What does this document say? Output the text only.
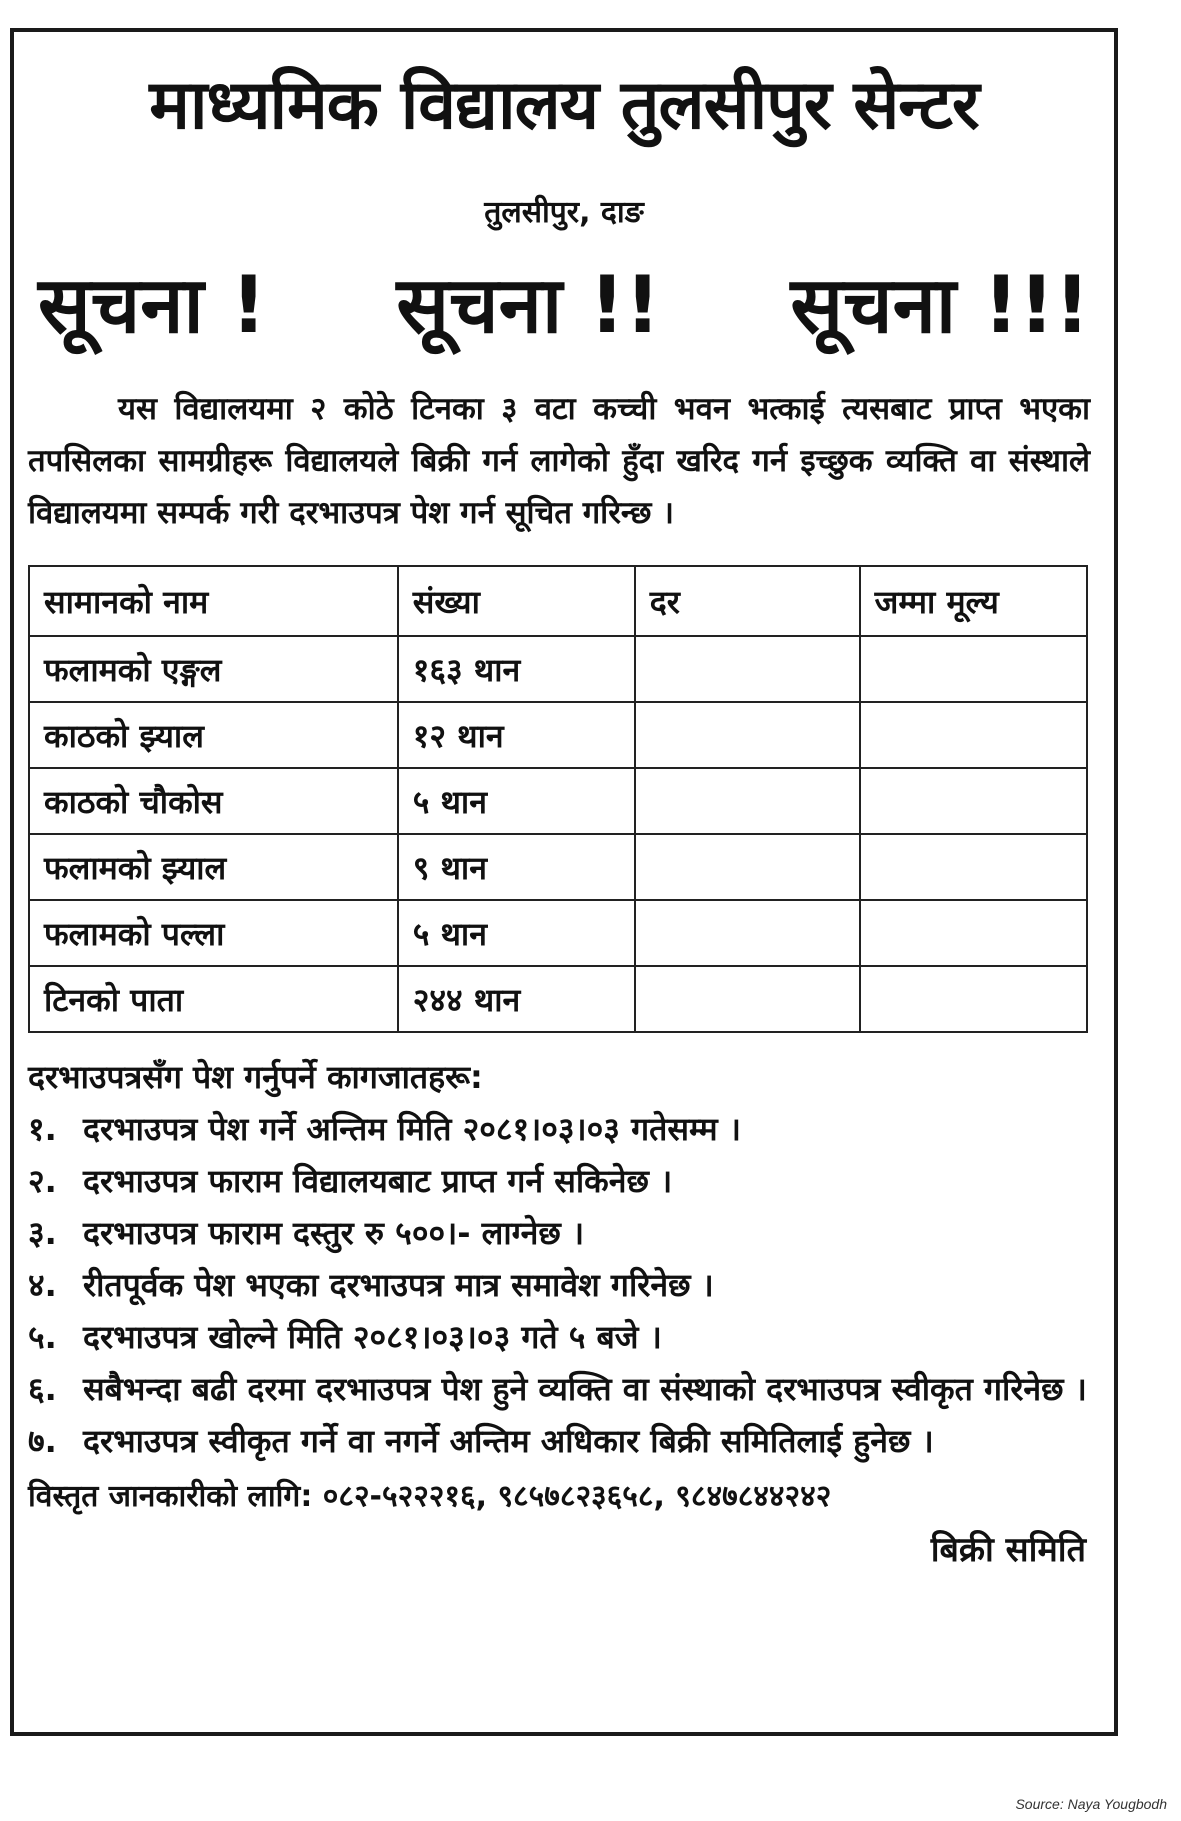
माध्यमिक विद्यालय तुलसीपुर सेन्टर
तुलसीपुर, दाङ
सूचना ! सूचना !! सूचना !!!
यस विद्यालयमा २ कोठे टिनका ३ वटा कच्ची भवन भत्काई त्यसबाट प्राप्त भएका तपसिलका सामग्रीहरू विद्यालयले बिक्री गर्न लागेको हुँदा खरिद गर्न इच्छुक व्यक्ति वा संस्थाले विद्यालयमा सम्पर्क गरी दरभाउपत्र पेश गर्न सूचित गरिन्छ ।
सामानको नाम	संख्या	दर	जम्मा मूल्य
फलामको एङ्गल	१६३ थान		
काठको झ्याल	१२ थान		
काठको चौकोस	५ थान		
फलामको झ्याल	९ थान		
फलामको पल्ला	५ थान		
टिनको पाता	२४४ थान		
दरभाउपत्रसँग पेश गर्नुपर्ने कागजातहरू:
१. दरभाउपत्र पेश गर्ने अन्तिम मिति २०८१।०३।०३ गतेसम्म ।
२. दरभाउपत्र फाराम विद्यालयबाट प्राप्त गर्न सकिनेछ ।
३. दरभाउपत्र फाराम दस्तुर रु ५००।- लाग्नेछ ।
४. रीतपूर्वक पेश भएका दरभाउपत्र मात्र समावेश गरिनेछ ।
५. दरभाउपत्र खोल्ने मिति २०८१।०३।०३ गते ५ बजे ।
६. सबैभन्दा बढी दरमा दरभाउपत्र पेश हुने व्यक्ति वा संस्थाको दरभाउपत्र स्वीकृत गरिनेछ ।
७. दरभाउपत्र स्वीकृत गर्ने वा नगर्ने अन्तिम अधिकार बिक्री समितिलाई हुनेछ ।
विस्तृत जानकारीको लागि: ०८२-५२२२१६, ९८५७८२३६५८, ९८४७८४४२४२
बिक्री समिति
Source: Naya Yougbodh
